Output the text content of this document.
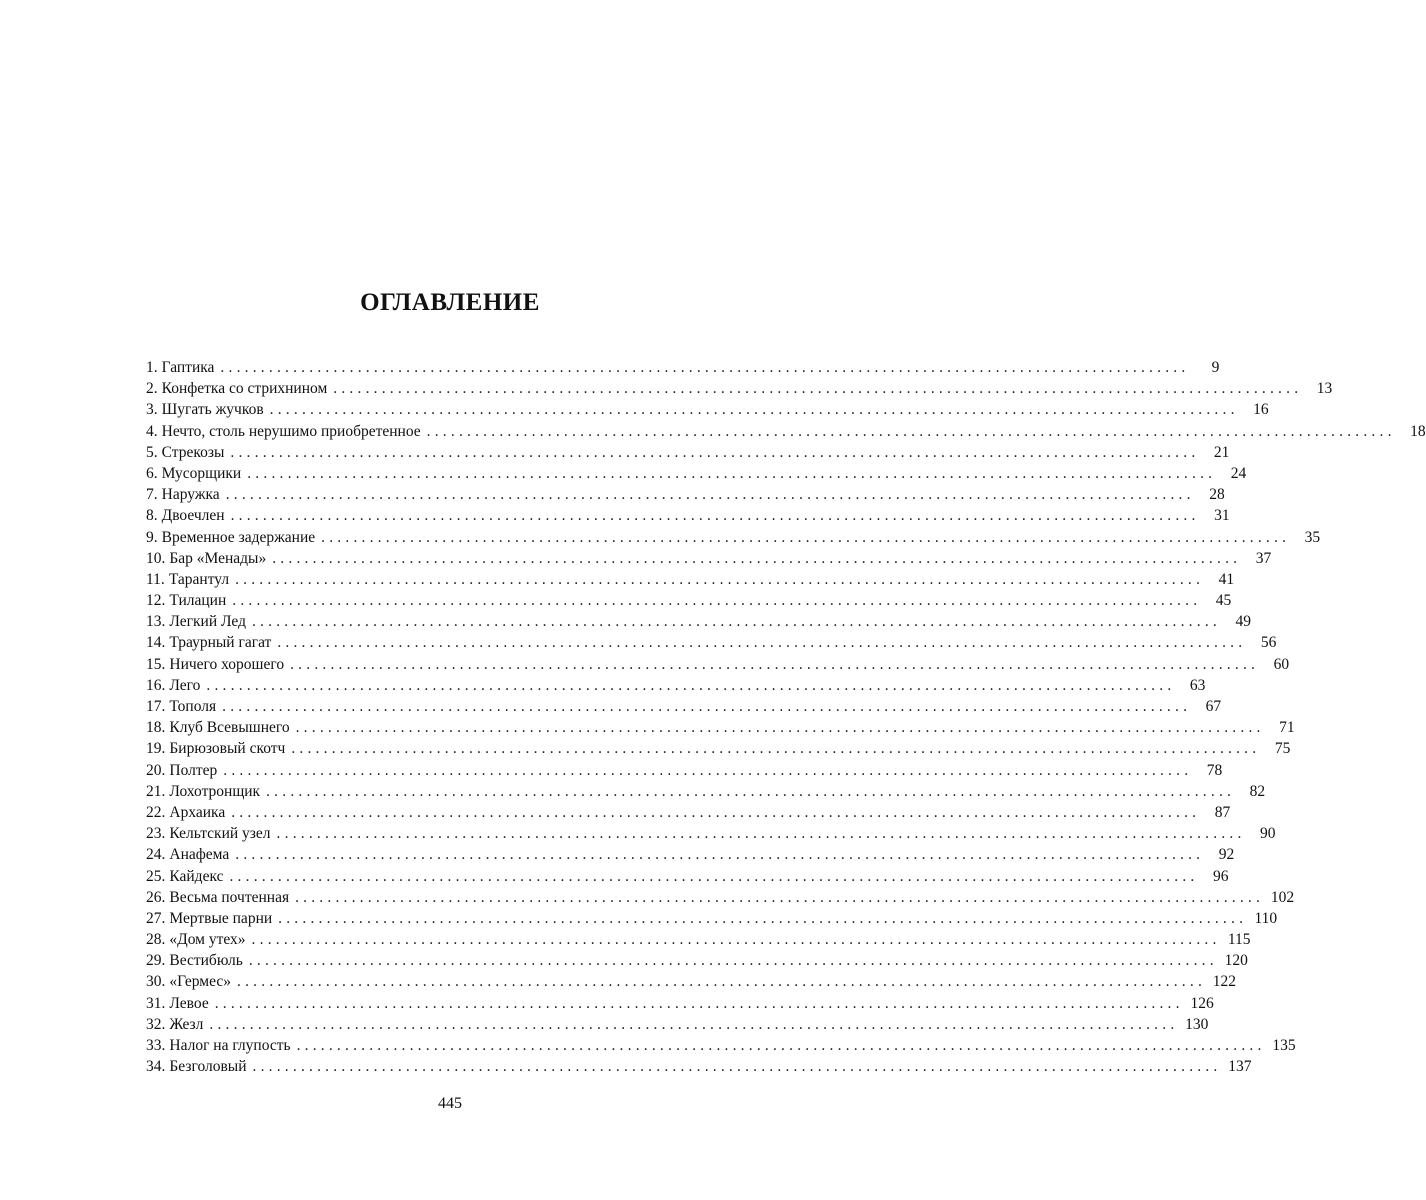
ОГЛАВЛЕНИЕ
1. Гаптика ........................................................................................................................	9
2. Конфетка со стрихнином ........................................................................................................................ 13
3. Шугать жучков ........................................................................................................................ 16
4. Нечто, столь нерушимо приобретенное ........................................................................................................................ 18
5. Стрекозы ........................................................................................................................ 21
6. Мусорщики ........................................................................................................................ 24
7. Наружка ........................................................................................................................ 28
8. Двоечлен ........................................................................................................................ 31
9. Временное задержание ........................................................................................................................ 35
10. Бар «Менады» ........................................................................................................................ 37
11. Тарантул ........................................................................................................................ 41
12. Тилацин ........................................................................................................................ 45
13. Легкий Лед ........................................................................................................................ 49
14. Траурный гагат ........................................................................................................................ 56
15. Ничего хорошего ........................................................................................................................ 60
16. Лего ........................................................................................................................ 63
17. Тополя ........................................................................................................................ 67
18. Клуб Всевышнего ........................................................................................................................ 71
19. Бирюзовый скотч ........................................................................................................................ 75
20. Полтер ........................................................................................................................ 78
21. Лохотронщик ........................................................................................................................ 82
22. Архаика ........................................................................................................................ 87
23. Кельтский узел ........................................................................................................................ 90
24. Анафема ........................................................................................................................ 92
25. Кайдекс ........................................................................................................................ 96
26. Весьма почтенная ........................................................................................................................ 102
27. Мертвые парни ........................................................................................................................ 110
28. «Дом утех» ........................................................................................................................ 115
29. Вестибюль ........................................................................................................................ 120
30. «Гермес» ........................................................................................................................ 122
31. Левое ........................................................................................................................ 126
32. Жезл ........................................................................................................................ 130
33. Налог на глупость ........................................................................................................................ 135
34. Безголовый ........................................................................................................................ 137
445
